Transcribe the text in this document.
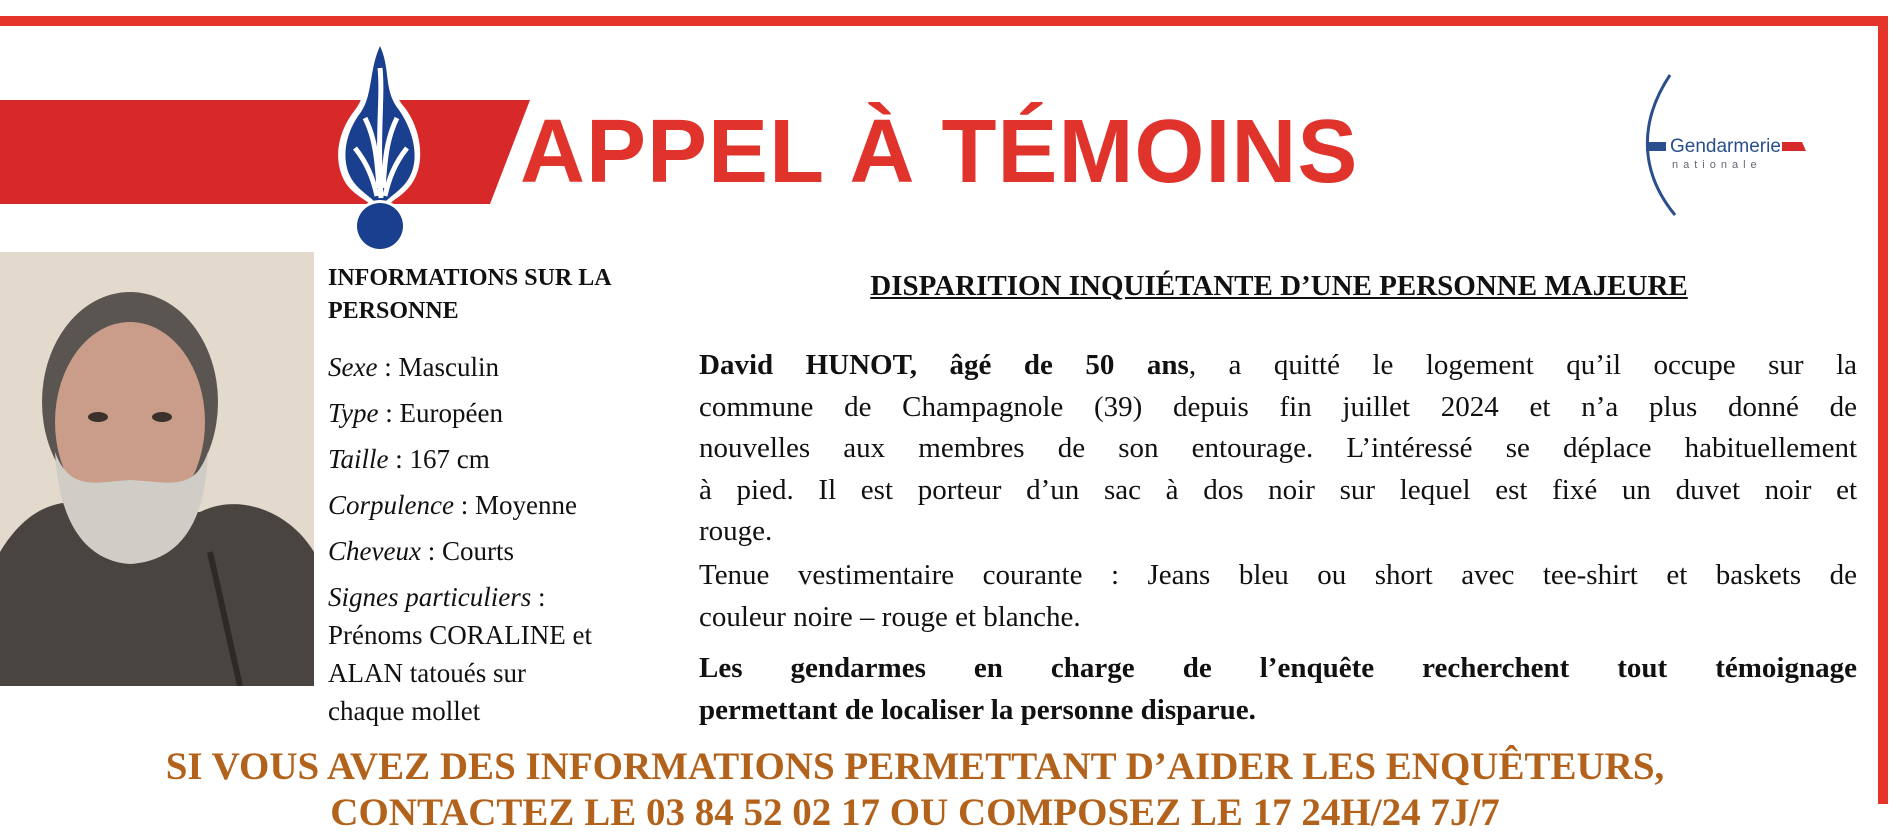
APPEL À TÉMOINS	Gendarmerie
nationale
INFORMATIONS SUR LA PERSONNE
Sexe : Masculin
Type : Européen
Taille : 167 cm
Corpulence : Moyenne
Cheveux : Courts
Signes particuliers : Prénoms CORALINE et ALAN tatoués sur chaque mollet
DISPARITION INQUIÉTANTE D’UNE PERSONNE MAJEURE
David HUNOT, âgé de 50 ans, a quitté le logement qu’il occupe sur la
commune de Champagnole (39) depuis fin juillet 2024 et n’a plus donné de
nouvelles aux membres de son entourage. L’intéressé se déplace habituellement
à pied. Il est porteur d’un sac à dos noir sur lequel est fixé un duvet noir et
rouge.
Tenue vestimentaire courante : Jeans bleu ou short avec tee-shirt et baskets de
couleur noire – rouge et blanche.
Les gendarmes en charge de l’enquête recherchent tout témoignage
permettant de localiser la personne disparue.
SI VOUS AVEZ DES INFORMATIONS PERMETTANT D’AIDER LES ENQUÊTEURS,
CONTACTEZ LE 03 84 52 02 17 OU COMPOSEZ LE 17 24H/24 7J/7
